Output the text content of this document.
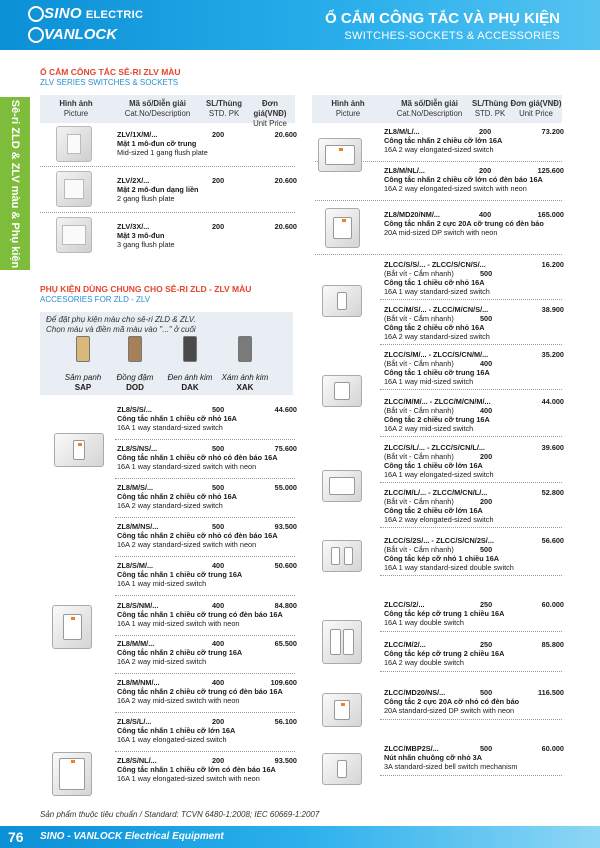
SINO ELECTRIC
VANLOCK
Ổ CẮM CÔNG TẮC VÀ PHỤ KIỆN
SWITCHES-SOCKETS & ACCESSORIES
Sê-ri ZLD & ZLV màu & Phụ kiện
Ổ CẮM CÔNG TẮC SÊ-RI ZLV MÀU
ZLV SERIES SWITCHES & SOCKETS
Hình ảnh
Picture
Mã số/Diễn giải
Cat.No/Description
SL/Thùng
STD. PK
Đơn giá(VNĐ)
Unit Price
Hình ảnh
Picture
Mã số/Diễn giải
Cat.No/Description
SL/Thùng
STD. PK
Đơn giá(VNĐ)
Unit Price
ZLV/1X/M/...	200	20.600
Mặt 1 mô-đun cỡ trung
Mid-sized 1 gang flush plate
ZLV/2X/...	200	20.600
Mặt 2 mô-đun dạng liền
2 gang flush plate
ZLV/3X/...	200	20.600
Mặt 3 mô-đun
3 gang flush plate
PHỤ KIỆN DÙNG CHUNG CHO SÊ-RI ZLD - ZLV MÀU
ACCESORIES FOR ZLD - ZLV
Để đặt phụ kiện màu cho sê-ri ZLD & ZLV.
Chọn màu và điền mã màu vào "..." ở cuối
Sâm panh
SAP
Đồng đậm
DOD
Đen ánh kim
DAK
Xám ánh kim
XAK
ZL8/S/S/...	500	44.600
Công tắc nhấn 1 chiều cỡ nhỏ 16A
16A 1 way standard-sized switch
ZL8/S/NS/...	500	75.600
Công tắc nhấn 1 chiều cỡ nhỏ có đèn báo 16A
16A 1 way standard-sized switch with neon
ZL8/M/S/...	500	55.000
Công tắc nhấn 2 chiều cỡ nhỏ 16A
16A 2 way standard-sized switch
ZL8/M/NS/...	500	93.500
Công tắc nhấn 2 chiều cỡ nhỏ có đèn báo 16A
16A 2 way standard-sized switch with neon
ZL8/S/M/...	400	50.600
Công tắc nhấn 1 chiều cỡ trung 16A
16A 1 way mid-sized switch
ZL8/S/NM/...	400	84.800
Công tắc nhấn 1 chiều cỡ trung có đèn báo 16A
16A 1 way mid-sized switch with neon
ZL8/M/M/...	400	65.500
Công tắc nhấn 2 chiều cỡ trung 16A
16A 2 way mid-sized switch
ZL8/M/NM/...	400	109.600
Công tắc nhấn 2 chiều cỡ trung có đèn báo 16A
16A 2 way mid-sized switch with neon
ZL8/S/L/...	200	56.100
Công tắc nhấn 1 chiều cỡ lớn 16A
16A 1 way elongated-sized switch
ZL8/S/NL/...	200	93.500
Công tắc nhấn 1 chiều cỡ lớn có đèn báo 16A
16A 1 way elongated-sized switch with neon
ZL8/M/L/...	200	73.200
Công tắc nhấn 2 chiều cỡ lớn 16A
16A 2 way elongated-sized switch
ZL8/M/NL/...	200	125.600
Công tắc nhấn 2 chiều cỡ lớn có đèn báo 16A
16A 2 way elongated-sized switch with neon
ZL8/MD20/NM/...	400	165.000
Công tắc nhấn 2 cực 20A cỡ trung có đèn báo
20A mid-sized DP switch with neon
ZLCC/S/S/... - ZLCC/S/CN/S/...
500
16.200
(Bắt vít - Cắm nhanh)
Công tắc 1 chiều cỡ nhỏ 16A
16A 1 way standard-sized switch
ZLCC/M/S/... - ZLCC/M/CN/S/...
500
38.900
(Bắt vít - Cắm nhanh)
Công tắc 2 chiều cỡ nhỏ 16A
16A 2 way standard-sized switch
ZLCC/S/M/... - ZLCC/S/CN/M/...
400
35.200
(Bắt vít - Cắm nhanh)
Công tắc 1 chiều cỡ trung 16A
16A 1 way mid-sized switch
ZLCC/M/M/... - ZLCC/M/CN/M/...
400
44.000
(Bắt vít - Cắm nhanh)
Công tắc 2 chiều cỡ trung 16A
16A 2 way mid-sized switch
ZLCC/S/L/... - ZLCC/S/CN/L/...
200
39.600
(Bắt vít - Cắm nhanh)
Công tắc 1 chiều cỡ lớn 16A
16A 1 way elongated-sized switch
ZLCC/M/L/... - ZLCC/M/CN/L/...
200
52.800
(Bắt vít - Cắm nhanh)
Công tắc 2 chiều cỡ lớn 16A
16A 2 way elongated-sized switch
ZLCC/S/2S/... - ZLCC/S/CN/2S/...
500
56.600
(Bắt vít - Cắm nhanh)
Công tắc kép cỡ nhỏ 1 chiều 16A
16A 1 way standard-sized double switch
ZLCC/S/2/...	250	60.000
Công tắc kép cỡ trung 1 chiều 16A
16A 1 way double switch
ZLCC/M/2/...	250	85.800
Công tắc kép cỡ trung 2 chiều 16A
16A 2 way double switch
ZLCC/MD20/NS/...	500	116.500
Công tắc 2 cực 20A cỡ nhỏ có đèn báo
20A standard-sized DP switch with neon
ZLCC/MBP2S/...	500	60.000
Nút nhấn chuông cỡ nhỏ 3A
3A standard-sized bell switch mechanism
Sản phẩm thuộc tiêu chuẩn / Standard: TCVN 6480-1:2008; IEC 60669-1:2007
76 SINO - VANLOCK Electrical Equipment
